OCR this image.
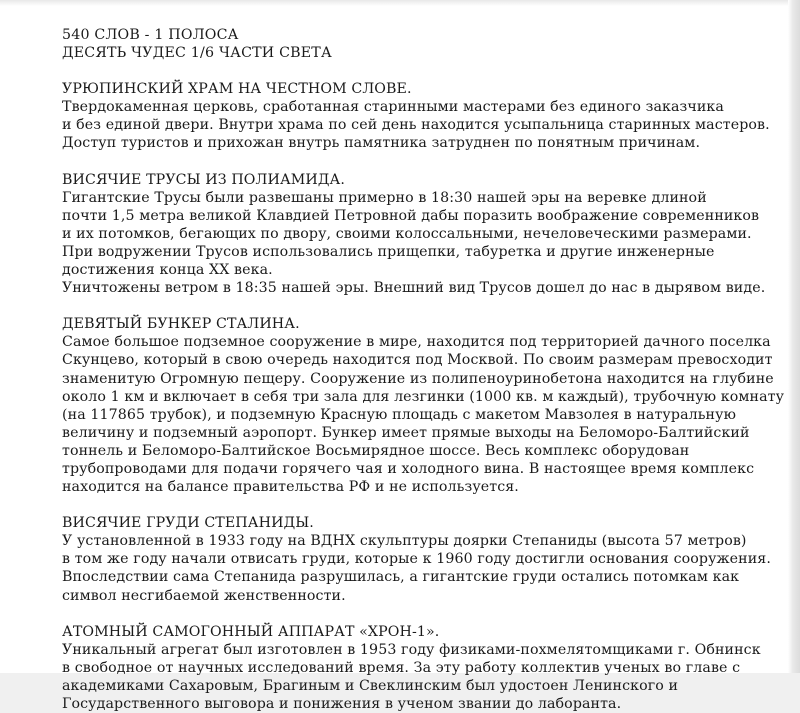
540 СЛОВ - 1 ПОЛОСА
ДЕСЯТЬ ЧУДЕС 1/6 ЧАСТИ СВЕТА
УРЮПИНСКИЙ ХРАМ НА ЧЕСТНОМ СЛОВЕ.
Твердокаменная церковь, сработанная старинными мастерами без единого заказчика
и без единой двери. Внутри храма по сей день находится усыпальница старинных мастеров.
Доступ туристов и прихожан внутрь памятника затруднен по понятным причинам.
ВИСЯЧИЕ ТРУСЫ ИЗ ПОЛИАМИДА.
Гигантские Трусы были развешаны примерно в 18:30 нашей эры на веревке длиной
почти 1,5 метра великой Клавдией Петровной дабы поразить воображение современников
и их потомков, бегающих по двору, своими колоссальными, нечеловеческими размерами.
При водружении Трусов использовались прищепки, табуретка и другие инженерные
достижения конца XX века.
Уничтожены ветром в 18:35 нашей эры. Внешний вид Трусов дошел до нас в дырявом виде.
ДЕВЯТЫЙ БУНКЕР СТАЛИНА.
Самое большое подземное сооружение в мире, находится под территорией дачного поселка
Скунцево, который в свою очередь находится под Москвой. По своим размерам превосходит
знаменитую Огромную пещеру. Сооружение из полипеноуринобетона находится на глубине
около 1 км и включает в себя три зала для лезгинки (1000 кв. м каждый), трубочную комнату
(на 117865 трубок), и подземную Красную площадь с макетом Мавзолея в натуральную
величину и подземный аэропорт. Бункер имеет прямые выходы на Беломоро-Балтийский
тоннель и Беломоро-Балтийское Восьмирядное шоссе. Весь комплекс оборудован
трубопроводами для подачи горячего чая и холодного вина. В настоящее время комплекс
находится на балансе правительства РФ и не используется.
ВИСЯЧИЕ ГРУДИ СТЕПАНИДЫ.
У установленной в 1933 году на ВДНХ скульптуры доярки Степаниды (высота 57 метров)
в том же году начали отвисать груди, которые к 1960 году достигли основания сооружения.
Впоследствии сама Степанида разрушилась, а гигантские груди остались потомкам как
символ несгибаемой женственности.
АТОМНЫЙ САМОГОННЫЙ АППАРАТ «ХРОН-1».
Уникальный агрегат был изготовлен в 1953 году физиками-похмелятомщиками г. Обнинск
в свободное от научных исследований время. За эту работу коллектив ученых во главе с
академиками Сахаровым, Брагиным и Свеклинским был удостоен Ленинского и
Государственного выговора и понижения в ученом звании до лаборанта.
